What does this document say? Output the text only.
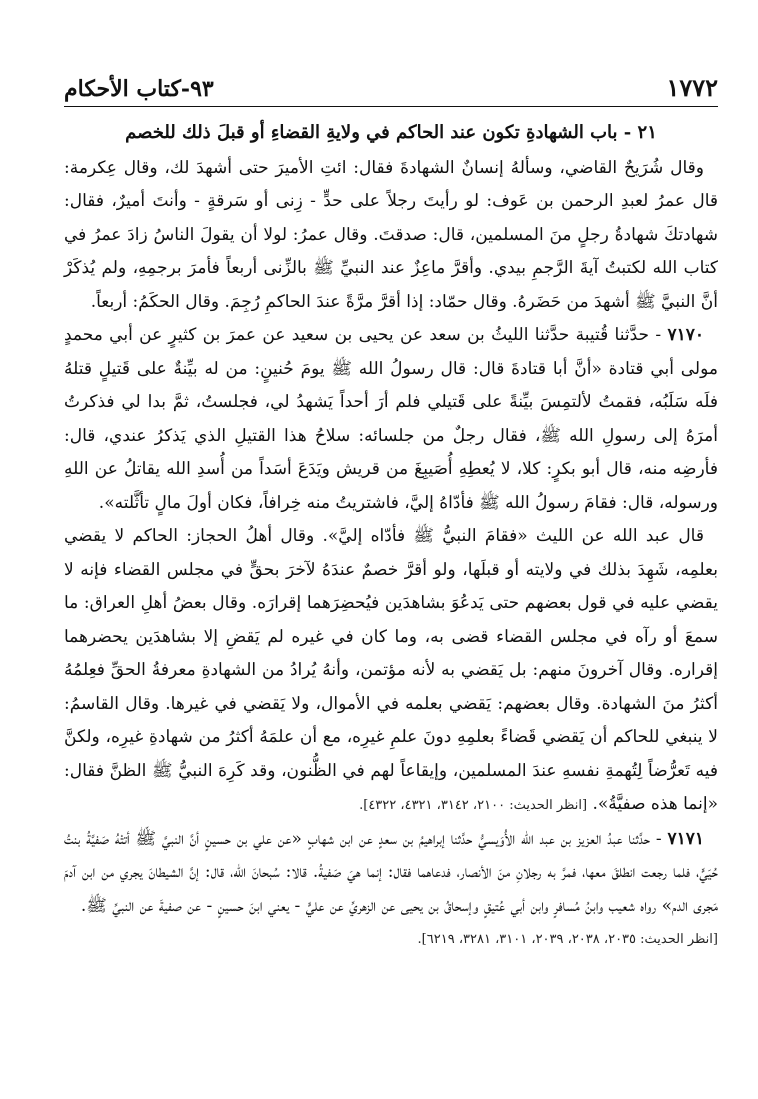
١٧٧٢
٩٣-كتاب الأحكام

٢١ - باب الشهادةِ تكون عند الحاكم في ولايةِ القضاءِ أو قبلَ ذلك للخصم

وقال شُرَيحٌ القاضي، وسألهُ إنسانٌ الشهادةَ فقال: ائتِ الأميرَ حتى أشهدَ لك، وقال عِكرمة: قال عمرُ لعبدِ الرحمن بن عَوف: لو رأيتَ رجلاً على حدٍّ - زِنى أو سَرقةٍ - وأنتَ أميرٌ، فقال: شهادتكَ شهادةُ رجلٍ منَ المسلمين، قال: صدقتَ. وقال عمرُ: لولا أن يقولَ الناسُ زادَ عمرُ في كتاب الله لكتبتُ آيةَ الرَّجمِ بيدي. وأقرَّ ماعِزٌ عند النبيِّ ﷺ بالزِّنى أربعاً فأمرَ برجمِهِ، ولم يُذكَرْ أنَّ النبيَّ ﷺ أشهدَ من حَضَرهُ. وقال حمّاد: إذا أقرَّ مرَّةً عندَ الحاكمِ رُجِمَ. وقال الحكَمُ: أربعاً.

٧١٧٠ - حدَّثنا قُتيبة حدَّثنا الليثُ بن سعد عن يحيى بن سعيد عن عمرَ بن كثيرٍ عن أبي محمدٍ مولى أبي قتادة «أنَّ أبا قتادةَ قال: قال رسولُ الله ﷺ يومَ حُنينٍ: من له بيِّنةٌ على قَتيلٍ قتلهُ فلَه سَلَبُه، فقمتُ لألتمِسَ بيِّنةً على قَتيلي فلم أرَ أحداً يَشهدُ لي، فجلستُ، ثمَّ بدا لي فذكرتُ أمرَهُ إلى رسولِ الله ﷺ، فقال رجلٌ من جلسائه: سلاحُ هذا القتيلِ الذي يَذكرُ عندي، قال: فأرضِه منه، قال أبو بكرٍ: كلا، لا يُعطِهِ أُصَيبِغَ من قريش ويَدَعَ أسَداً من أُسدِ الله يقاتلُ عن اللهِ ورسوله، قال: فقامَ رسولُ الله ﷺ فأدّاهُ إليَّ، فاشتريتُ منه خِرافاً، فكان أولَ مالٍ تأثَّلته».

قال عبد الله عن الليث «فقامَ النبيُّ ﷺ فأدّاه إليَّ». وقال أهلُ الحجاز: الحاكم لا يقضي بعلمِه، شَهِدَ بذلك في ولايته أو قبلَها، ولو أقرَّ خصمٌ عندَهُ لآخرَ بحقٍّ في مجلس القضاء فإنه لا يقضي عليه في قول بعضهم حتى يَدعُوَ بشاهدَين فيُحضِرَهما إقرارَه. وقال بعضُ أهلِ العراق: ما سمعَ أو رآه في مجلس القضاء قضى به، وما كان في غيره لم يَقضِ إلا بشاهدَين يحضرهما إقراره. وقال آخرونَ منهم: بل يَقضي به لأنه مؤتمن، وأنهُ يُرادُ من الشهادةِ معرفةُ الحقِّ فعِلمُهُ أكثرُ منَ الشهادة. وقال بعضهم: يَقضي بعلمه في الأموال، ولا يَقضي في غيرها. وقال القاسمُ: لا ينبغي للحاكم أن يَقضي قَضاءً بعلمِهِ دونَ علمِ غيرِه، مع أن علمَهُ أكثرُ من شهادةِ غيرِه، ولكنَّ فيه تَعرُّضاً لِتُهمةِ نفسهِ عندَ المسلمين، وإيقاعاً لهم في الظُّنون، وقد كَرِهَ النبيُّ ﷺ الظنَّ فقال: «إنما هذه صفيَّةُ». [انظر الحديث: ٢١٠٠، ٣١٤٢، ٤٣٢١، ٤٣٢٢].

٧١٧١ - حدَّثنا عبدُ العزيز بن عبد الله الأُوَيسيُّ حدَّثنا إبراهيمُ بن سعدٍ عن ابن شهابٍ «عن علي بن حسينٍ أنَّ النبيَّ ﷺ أتتْهُ صَفيَّةُ بنتُ حُيَيٍّ، فلما رجعت انطلقَ معها، فمرَّ به رجلانِ منَ الأنصار، فدعاهما فقال: إنما هيَ صَفيةُ. قالا: سُبحانَ الله، قال: إنَّ الشيطانَ يجري من ابن آدمَ مَجرى الدم» رواه شعيب وابنُ مُسافرٍ وابن أبي عُتيقٍ وإسحاقُ بن يحيى عن الزهريِّ عن عليٍّ - يعني ابنَ حسينٍ - عن صفيةَ عن النبيِّ ﷺ.

[انظر الحديث: ٢٠٣٥، ٢٠٣٨، ٢٠٣٩، ٣١٠١، ٣٢٨١، ٦٢١٩].
